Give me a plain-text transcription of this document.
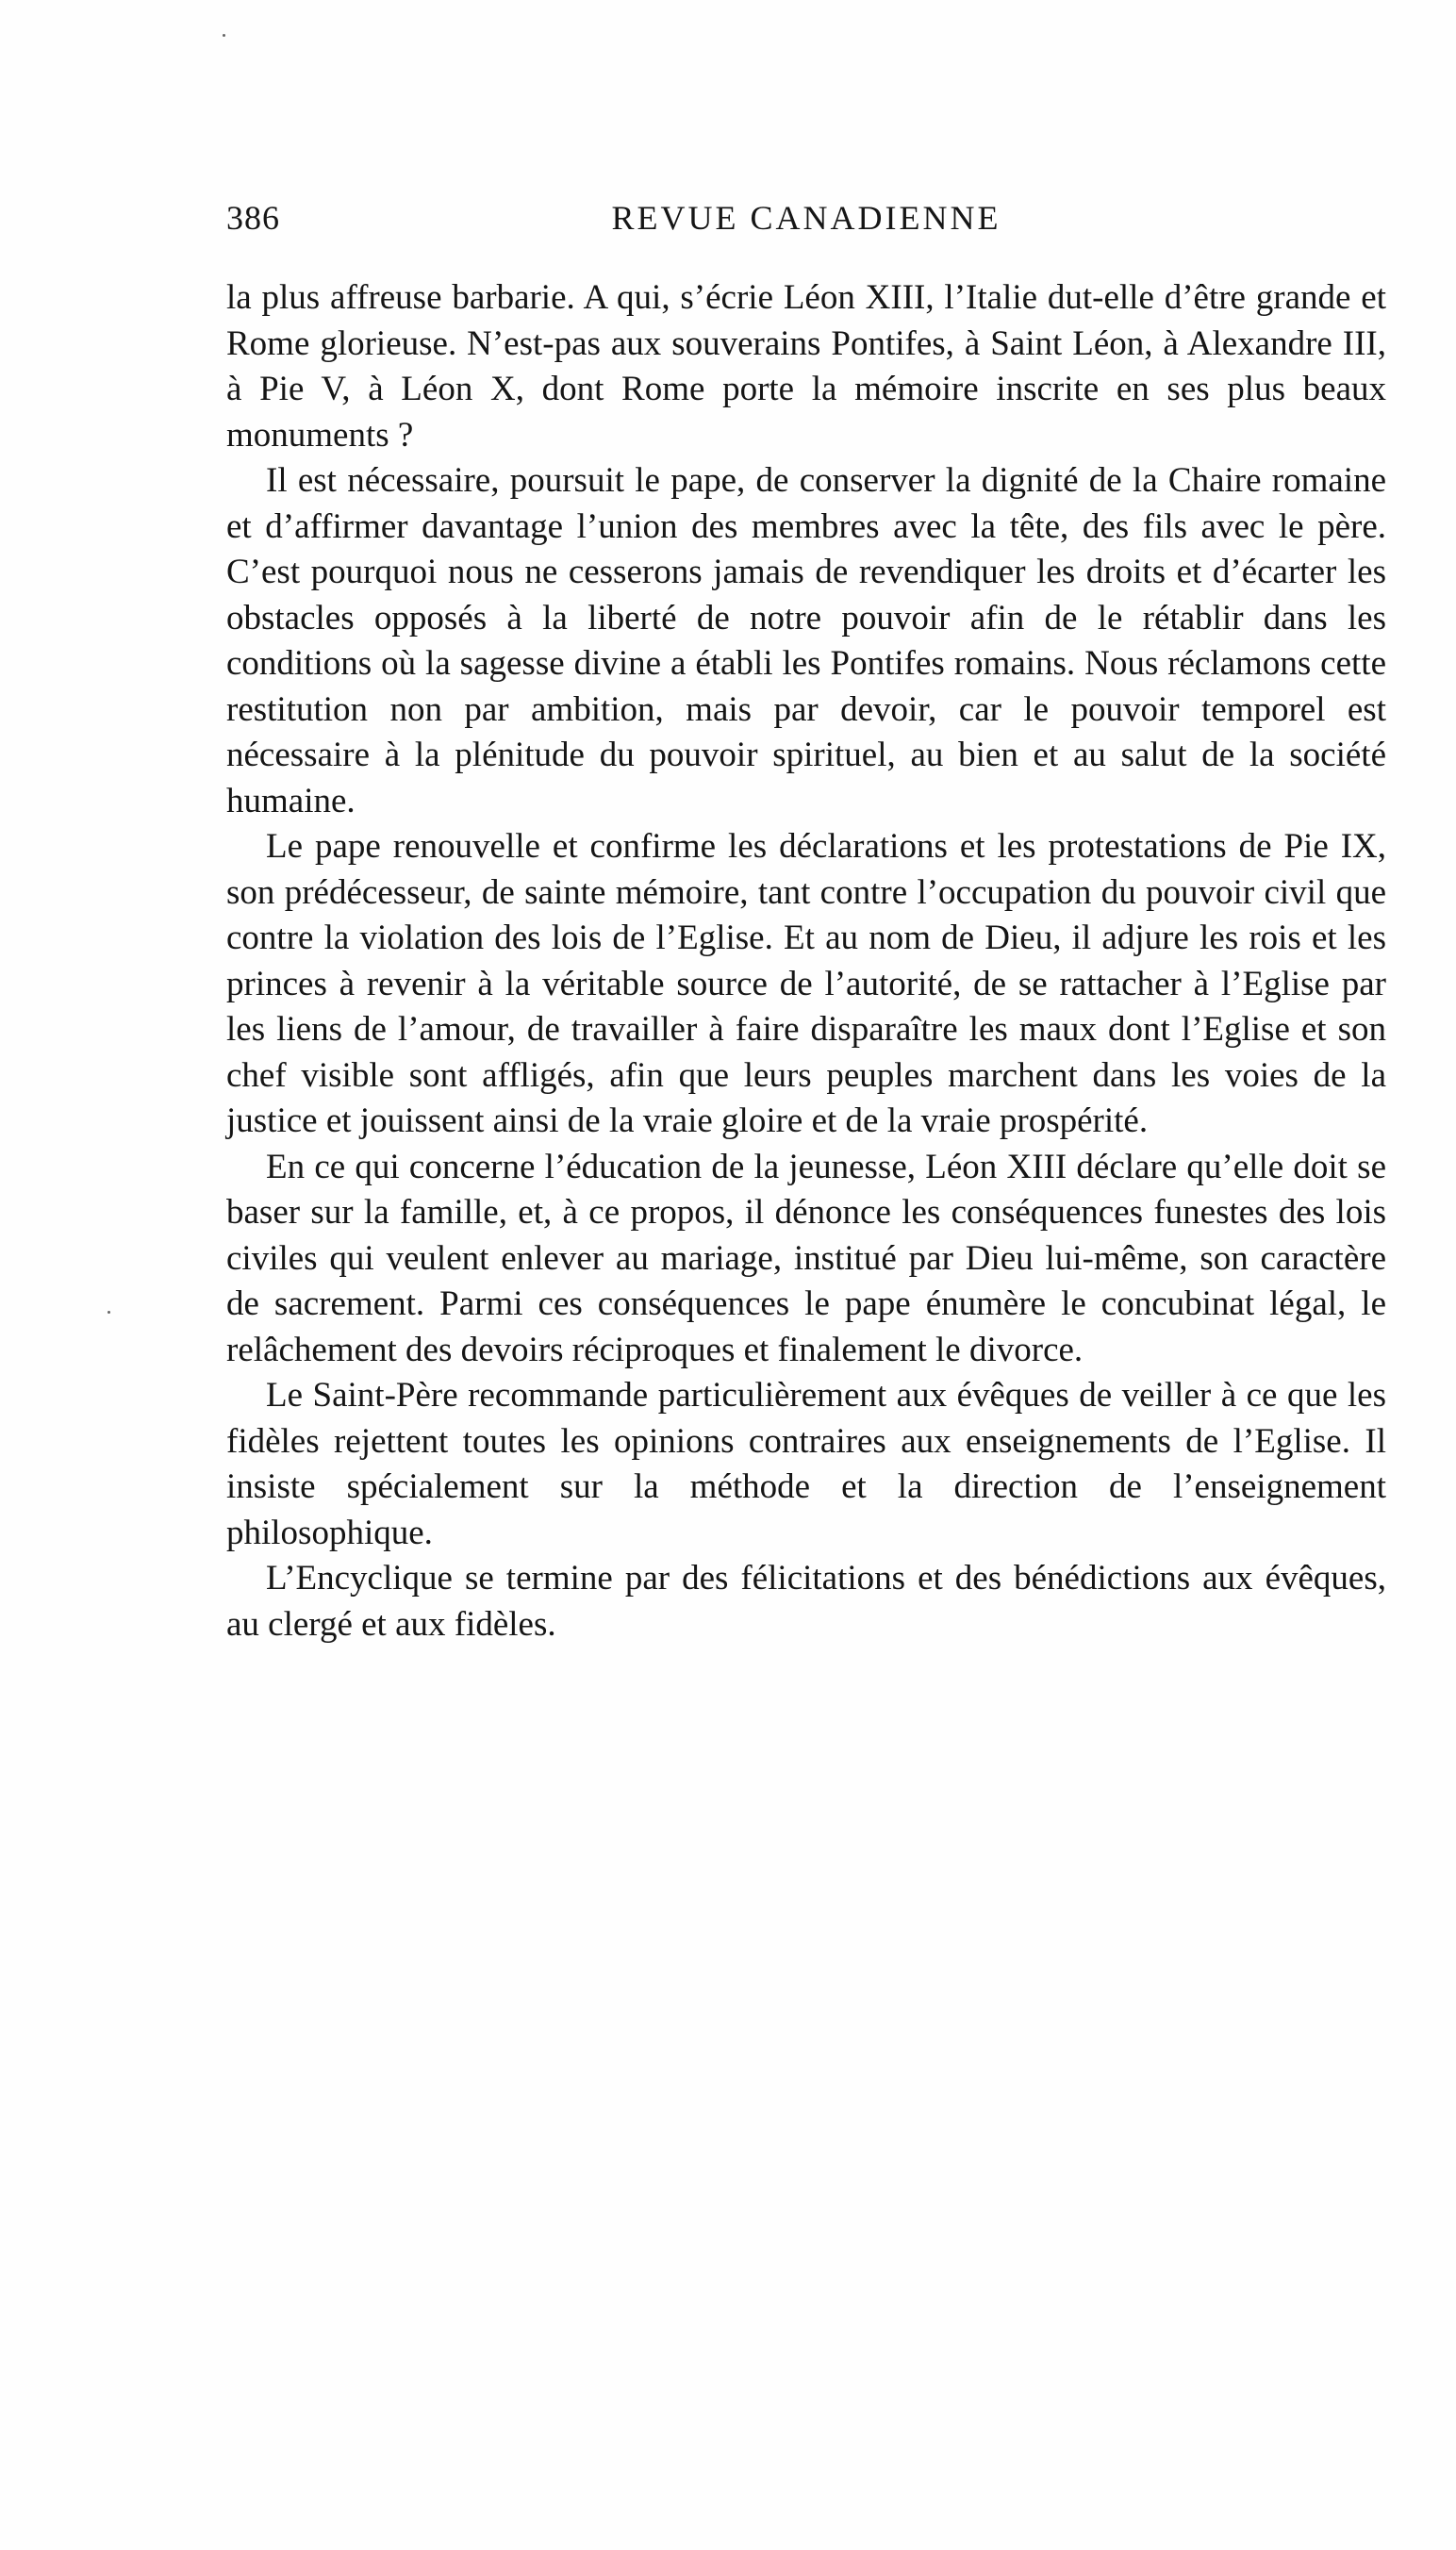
386	REVUE CANADIENNE

la plus affreuse barbarie. A qui, s’écrie Léon XIII, l’Italie dut-elle d’être grande et Rome glorieuse. N’est-pas aux souverains Pontifes, à Saint Léon, à Alexandre III, à Pie V, à Léon X, dont Rome porte la mémoire inscrite en ses plus beaux monuments ?

Il est nécessaire, poursuit le pape, de conserver la dignité de la Chaire romaine et d’affirmer davantage l’union des membres avec la tête, des fils avec le père. C’est pourquoi nous ne cesserons jamais de revendiquer les droits et d’écarter les obstacles opposés à la liberté de notre pouvoir afin de le rétablir dans les conditions où la sagesse divine a établi les Pontifes romains. Nous réclamons cette restitution non par ambition, mais par devoir, car le pouvoir temporel est nécessaire à la plénitude du pouvoir spirituel, au bien et au salut de la société humaine.

Le pape renouvelle et confirme les déclarations et les protestations de Pie IX, son prédécesseur, de sainte mémoire, tant contre l’occupation du pouvoir civil que contre la violation des lois de l’Eglise. Et au nom de Dieu, il adjure les rois et les princes à revenir à la véritable source de l’autorité, de se rattacher à l’Eglise par les liens de l’amour, de travailler à faire disparaître les maux dont l’Eglise et son chef visible sont affligés, afin que leurs peuples marchent dans les voies de la justice et jouissent ainsi de la vraie gloire et de la vraie prospérité.

En ce qui concerne l’éducation de la jeunesse, Léon XIII déclare qu’elle doit se baser sur la famille, et, à ce propos, il dénonce les conséquences funestes des lois civiles qui veulent enlever au mariage, institué par Dieu lui-même, son caractère de sacrement. Parmi ces conséquences le pape énumère le concubinat légal, le relâchement des devoirs réciproques et finalement le divorce.

Le Saint-Père recommande particulièrement aux évêques de veiller à ce que les fidèles rejettent toutes les opinions contraires aux enseignements de l’Eglise. Il insiste spécialement sur la méthode et la direction de l’enseignement philosophique.

L’Encyclique se termine par des félicitations et des bénédictions aux évêques, au clergé et aux fidèles.
